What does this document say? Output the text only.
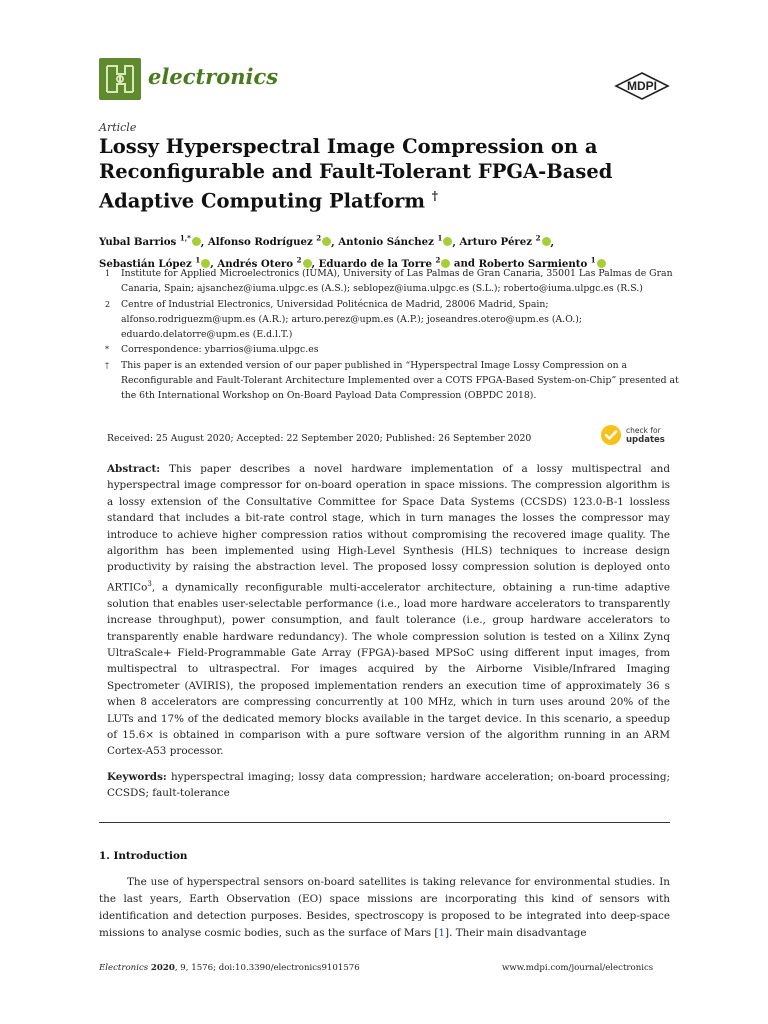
electronics	MDPI
Article
Lossy Hyperspectral Image Compression on a Reconfigurable and Fault-Tolerant FPGA-Based Adaptive Computing Platform †
Yubal Barrios $^{1,*}$ , Alfonso Rodríguez $^2$ , Antonio Sánchez $^1$ , Arturo Pérez $^2$ ,
Sebastián López $^1$ , Andrés Otero $^2$ , Eduardo de la Torre $^2$ and Roberto Sarmiento $^1$
1	Institute for Applied Microelectronics (IUMA), University of Las Palmas de Gran Canaria, 35001 Las Palmas de Gran Canaria, Spain; ajsanchez@iuma.ulpgc.es (A.S.); seblopez@iuma.ulpgc.es (S.L.); roberto@iuma.ulpgc.es (R.S.)
2	Centre of Industrial Electronics, Universidad Politécnica de Madrid, 28006 Madrid, Spain; alfonso.rodriguezm@upm.es (A.R.); arturo.perez@upm.es (A.P.); joseandres.otero@upm.es (A.O.); eduardo.delatorre@upm.es (E.d.l.T.)
*	Correspondence: ybarrios@iuma.ulpgc.es
†	This paper is an extended version of our paper published in “Hyperspectral Image Lossy Compression on a Reconfigurable and Fault-Tolerant Architecture Implemented over a COTS FPGA-Based System-on-Chip” presented at the 6th International Workshop on On-Board Payload Data Compression (OBPDC 2018).
Received: 25 August 2020; Accepted: 22 September 2020; Published: 26 September 2020
check for
updates
Abstract: This paper describes a novel hardware implementation of a lossy multispectral and hyperspectral image compressor for on-board operation in space missions. The compression algorithm is a lossy extension of the Consultative Committee for Space Data Systems (CCSDS) 123.0-B-1 lossless standard that includes a bit-rate control stage, which in turn manages the losses the compressor may introduce to achieve higher compression ratios without compromising the recovered image quality. The algorithm has been implemented using High-Level Synthesis (HLS) techniques to increase design productivity by raising the abstraction level. The proposed lossy compression solution is deployed onto ARTICo$^3$, a dynamically reconfigurable multi-accelerator architecture, obtaining a run-time adaptive solution that enables user-selectable performance (i.e., load more hardware accelerators to transparently increase throughput), power consumption, and fault tolerance (i.e., group hardware accelerators to transparently enable hardware redundancy). The whole compression solution is tested on a Xilinx Zynq UltraScale+ Field-Programmable Gate Array (FPGA)-based MPSoC using different input images, from multispectral to ultraspectral. For images acquired by the Airborne Visible/Infrared Imaging Spectrometer (AVIRIS), the proposed implementation renders an execution time of approximately 36 s when 8 accelerators are compressing concurrently at 100 MHz, which in turn uses around 20% of the LUTs and 17% of the dedicated memory blocks available in the target device. In this scenario, a speedup of 15.6× is obtained in comparison with a pure software version of the algorithm running in an ARM Cortex-A53 processor.
Keywords: hyperspectral imaging; lossy data compression; hardware acceleration; on-board processing; CCSDS; fault-tolerance
1. Introduction

The use of hyperspectral sensors on-board satellites is taking relevance for environmental studies. In the last years, Earth Observation (EO) space missions are incorporating this kind of sensors with identification and detection purposes. Besides, spectroscopy is proposed to be integrated into deep-space missions to analyse cosmic bodies, such as the surface of Mars [1]. Their main disadvantage

Electronics 2020, 9, 1576; doi:10.3390/electronics9101576	www.mdpi.com/journal/electronics
